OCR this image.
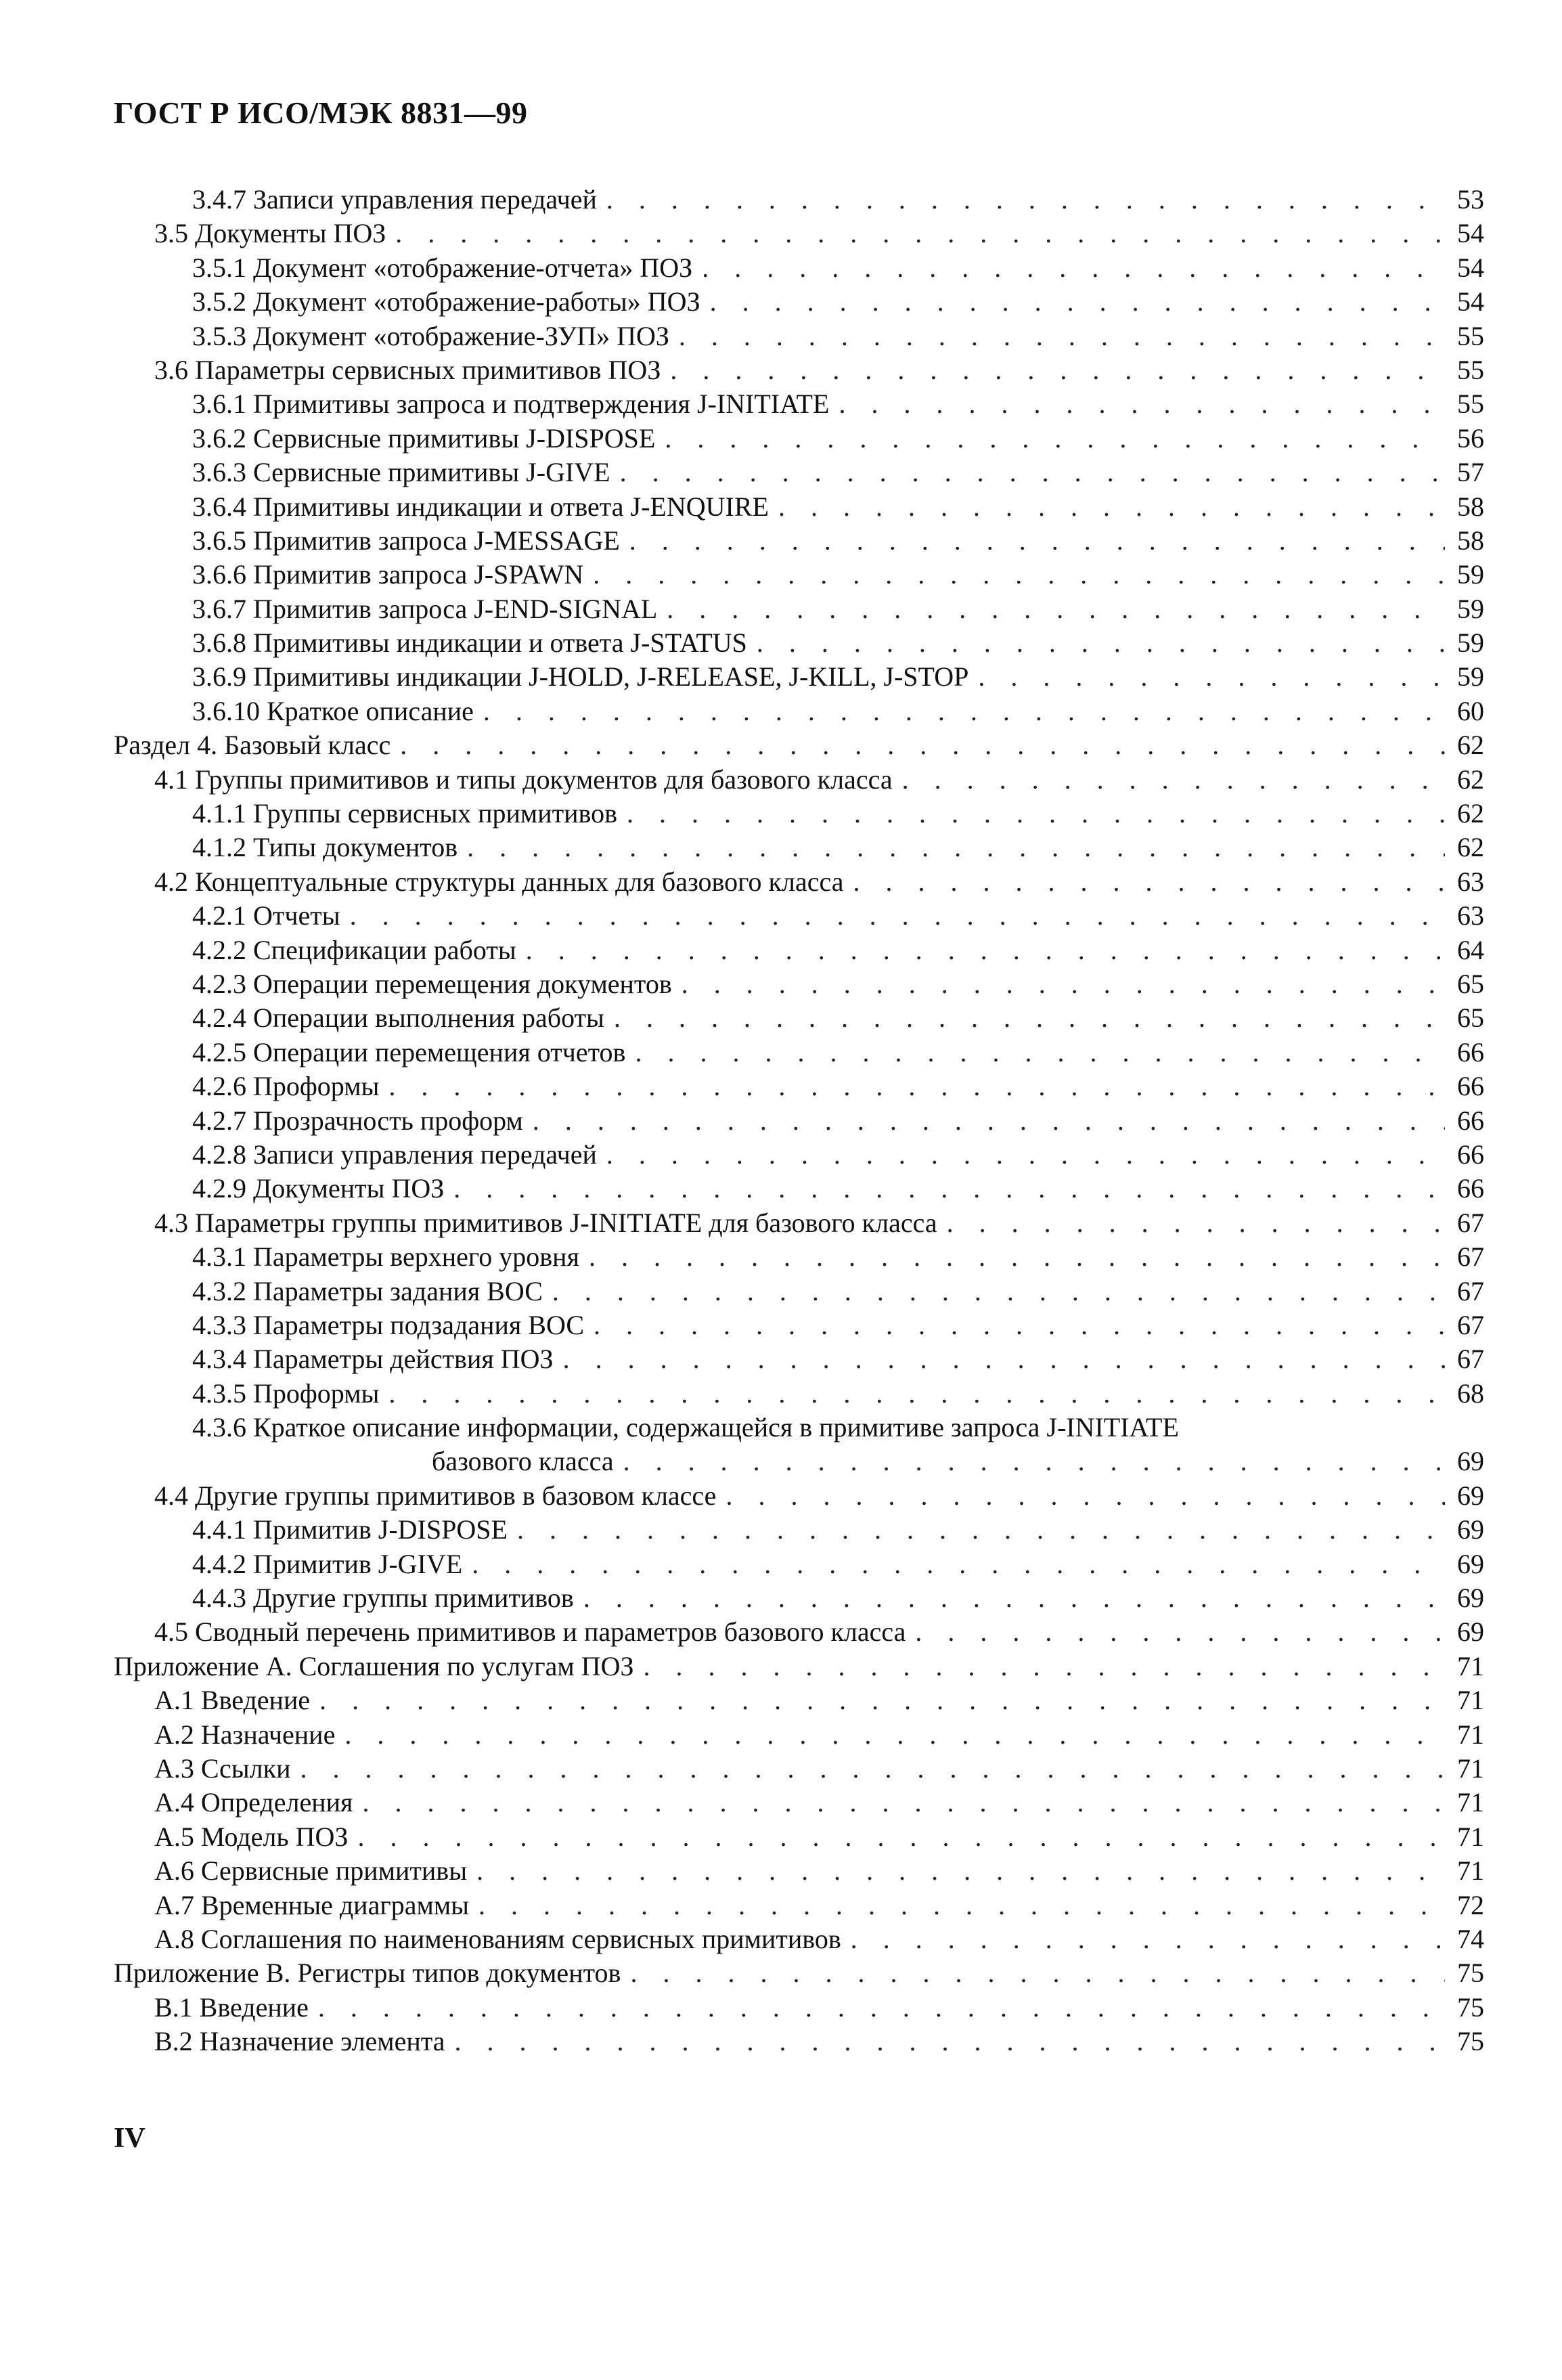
ГОСТ Р ИСО/МЭК 8831—99
3.4.7 Записи управления передачей . . .	53
3.5 Документы ПОЗ . . .	54
3.5.1 Документ «отображение-отчета» ПОЗ . . .	54
3.5.2 Документ «отображение-работы» ПОЗ . . .	54
3.5.3 Документ «отображение-ЗУП» ПОЗ . . .	55
3.6 Параметры сервисных примитивов ПОЗ . . .	55
3.6.1 Примитивы запроса и подтверждения J-INITIATE . . .	55
3.6.2 Сервисные примитивы J-DISPOSE . . .	56
3.6.3 Сервисные примитивы J-GIVE . . .	57
3.6.4 Примитивы индикации и ответа J-ENQUIRE . . .	58
3.6.5 Примитив запроса J-MESSAGE . . .	58
3.6.6 Примитив запроса J-SPAWN . . .	59
3.6.7 Примитив запроса J-END-SIGNAL . . .	59
3.6.8 Примитивы индикации и ответа J-STATUS . . .	59
3.6.9 Примитивы индикации J-HOLD, J-RELEASE, J-KILL, J-STOP . . .	59
3.6.10 Краткое описание . . .	60
Раздел 4. Базовый класс . . .	62
4.1 Группы примитивов и типы документов для базового класса . . .	62
4.1.1 Группы сервисных примитивов . . .	62
4.1.2 Типы документов . . .	62
4.2 Концептуальные структуры данных для базового класса . . .	63
4.2.1 Отчеты . . .	63
4.2.2 Спецификации работы . . .	64
4.2.3 Операции перемещения документов . . .	65
4.2.4 Операции выполнения работы . . .	65
4.2.5 Операции перемещения отчетов . . .	66
4.2.6 Проформы . . .	66
4.2.7 Прозрачность проформ . . .	66
4.2.8 Записи управления передачей . . .	66
4.2.9 Документы ПОЗ . . .	66
4.3 Параметры группы примитивов J-INITIATE для базового класса . . .	67
4.3.1 Параметры верхнего уровня . . .	67
4.3.2 Параметры задания ВОС . . .	67
4.3.3 Параметры подзадания ВОС . . .	67
4.3.4 Параметры действия ПОЗ . . .	67
4.3.5 Проформы . . .	68
4.3.6 Краткое описание информации, содержащейся в примитиве запроса J-INITIATE
базового класса . . .	69
4.4 Другие группы примитивов в базовом классе . . .	69
4.4.1 Примитив J-DISPOSE . . .	69
4.4.2 Примитив J-GIVE . . .	69
4.4.3 Другие группы примитивов . . .	69
4.5 Сводный перечень примитивов и параметров базового класса . . .	69
Приложение А. Соглашения по услугам ПОЗ . . .	71
А.1 Введение . . .	71
А.2 Назначение . . .	71
А.3 Ссылки . . .	71
А.4 Определения . . .	71
А.5 Модель ПОЗ . . .	71
А.6 Сервисные примитивы . . .	71
А.7 Временные диаграммы . . .	72
А.8 Соглашения по наименованиям сервисных примитивов . . .	74
Приложение В. Регистры типов документов . . .	75
В.1 Введение . . .	75
В.2 Назначение элемента . . .	75
IV
